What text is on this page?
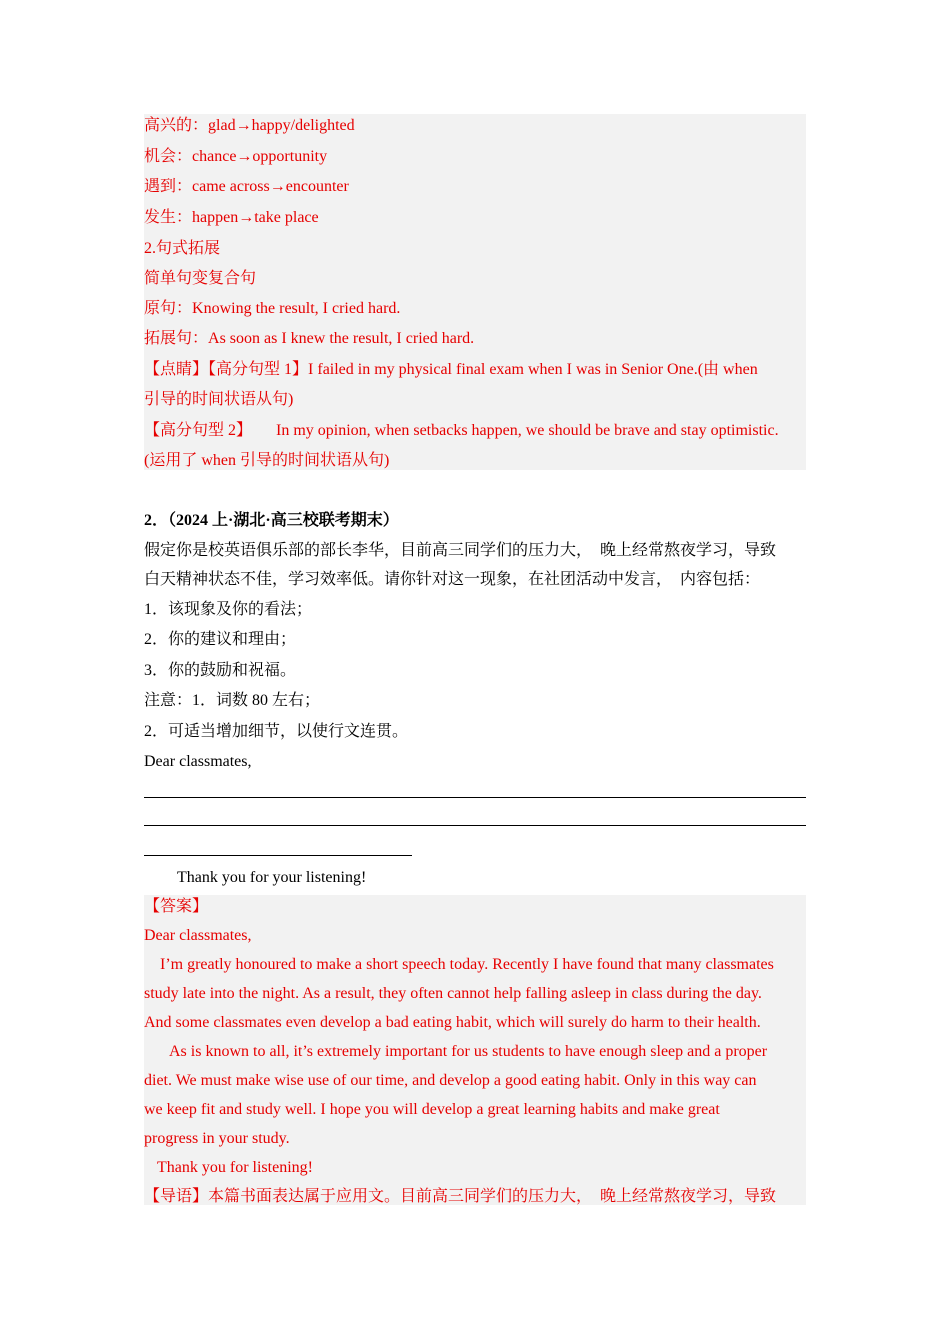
高兴的：glad→happy/delighted
机会：chance→opportunity
遇到：came across→encounter
发生：happen→take place
2.句式拓展
简单句变复合句
原句：Knowing the result, I cried hard.
拓展句：As soon as I knew the result, I cried hard.
【点睛】【高分句型 1】I failed in my physical final exam when I was in Senior One.(由 when
引导的时间状语从句)
【高分句型 2】 In my opinion, when setbacks happen, we should be brave and stay optimistic.
(运用了 when 引导的时间状语从句)
2．（2024 上·湖北·高三校联考期末）
假定你是校英语俱乐部的部长李华，目前高三同学们的压力大，　晚上经常熬夜学习，导致
白天精神状态不佳，学习效率低。请你针对这一现象，在社团活动中发言，　内容包括：
1．该现象及你的看法；
2．你的建议和理由；
3．你的鼓励和祝福。
注意：1．词数 80 左右；
2．可适当增加细节，以使行文连贯。
Dear classmates,
Thank you for your listening!
【答案】
Dear classmates,
I’m greatly honoured to make a short speech today. Recently I have found that many classmates
study late into the night. As a result, they often cannot help falling asleep in class during the day.
And some classmates even develop a bad eating habit, which will surely do harm to their health.
As is known to all, it’s extremely important for us students to have enough sleep and a proper
diet. We must make wise use of our time, and develop a good eating habit. Only in this way can
we keep fit and study well. I hope you will develop a great learning habits and make great
progress in your study.
Thank you for listening!
【导语】本篇书面表达属于应用文。目前高三同学们的压力大，　晚上经常熬夜学习，导致
